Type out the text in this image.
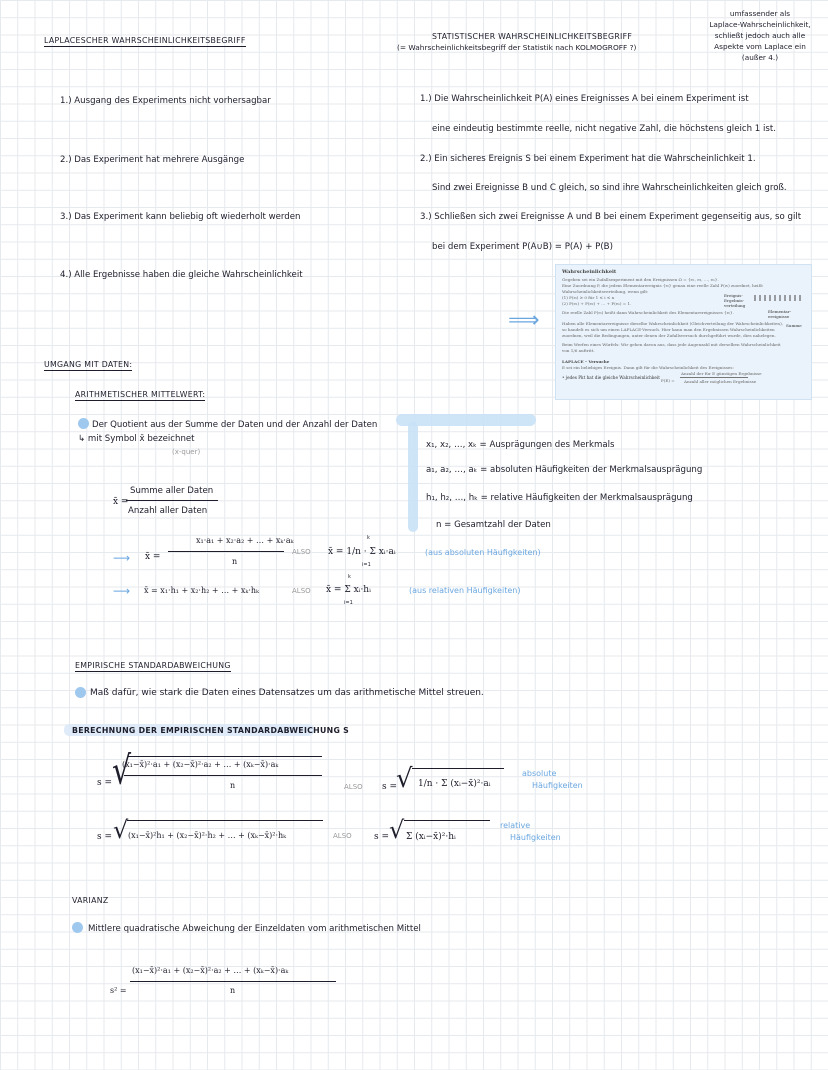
LAPLACESCHER WAHRSCHEINLICHKEITSBEGRIFF
1.) Ausgang des Experiments nicht vorhersagbar
2.) Das Experiment hat mehrere Ausgänge
3.) Das Experiment kann beliebig oft wiederholt werden
4.) Alle Ergebnisse haben die gleiche Wahrscheinlichkeit
STATISTISCHER WAHRSCHEINLICHKEITSBEGRIFF
(= Wahrscheinlichkeitsbegriff der Statistik nach KOLMOGROFF ?)
umfassender als
Laplace-Wahrscheinlichkeit,
schließt jedoch auch alle
Aspekte vom Laplace ein
(außer 4.)
1.) Die Wahrscheinlichkeit P(A) eines Ereignisses A bei einem Experiment ist
eine eindeutig bestimmte reelle, nicht negative Zahl, die höchstens gleich 1 ist.
2.) Ein sicheres Ereignis S bei einem Experiment hat die Wahrscheinlichkeit 1.
Sind zwei Ereignisse B und C gleich, so sind ihre Wahrscheinlichkeiten gleich groß.
3.) Schließen sich zwei Ereignisse A und B bei einem Experiment gegenseitig aus, so gilt
bei dem Experiment P(A∪B) = P(A) + P(B)
⟹
Wahrscheinlichkeit
Gegeben sei ein Zufallsexperiment mit den Ereignissen Ω = {e₁, e₂, …, eₙ}.
Eine Zuordnung P, die jedem Elementarereignis {eᵢ} genau eine reelle Zahl P(eᵢ) zuordnet, heißt
Wahrscheinlichkeitsverteilung, wenn gilt:
(1) P(eᵢ) ≥ 0 für 1 ≤ i ≤ n
(2) P(e₁) + P(e₂) + … + P(eₙ) = 1.
Die reelle Zahl P(eᵢ) heißt dann Wahrscheinlichkeit des Elementarereignisses {eᵢ}.
Haben alle Elementarereignisse dieselbe Wahrscheinlichkeit (Gleichverteilung der Wahrscheinlichkeiten),
so handelt es sich um einen LAPLACE-Versuch. Hier kann man den Ergebnissen Wahrscheinlichkeiten
zuordnen, weil die Bedingungen, unter denen der Zufallsversuch durchgeführt wurde, dies nahelegen.
Beim Werfen eines Würfels: Wir gehen davon aus, dass jede Augenzahl mit derselben Wahrscheinlichkeit
von 1/6 auftritt.
LAPLACE – Versuche
E sei ein beliebiges Ereignis. Dann gilt für die Wahrscheinlichkeit des Ereignisses:
P(E) =
Anzahl der für E günstigen Ergebnisse
Anzahl aller möglichen Ergebnisse
• jedes Pkt hat die gleiche Wahrscheinlichkeit
Ereignis-
Ergebnis-
verteilung
Elementar-
ereignisse
Summe
UMGANG MIT DATEN:
ARITHMETISCHER MITTELWERT:
Der Quotient aus der Summe der Daten und der Anzahl der Daten
↳ mit Symbol x̄ bezeichnet
(x-quer)
x̄ =
Summe aller Daten
Anzahl aller Daten
⟶ x̄ =
x₁·a₁ + x₂·a₂ + … + xₖ·aₖ
n
ALSO x̄ = 1/n · Σ xᵢ·aᵢ
k
i=1
(aus absoluten Häufigkeiten)
⟶ x̄ = x₁·h₁ + x₂·h₂ + … + xₖ·hₖ	ALSO x̄ = Σ xᵢ·hᵢ
k
i=1
(aus relativen Häufigkeiten)
x₁, x₂, …, xₖ = Ausprägungen des Merkmals
a₁, a₂, …, aₖ = absoluten Häufigkeiten der Merkmalsausprägung
h₁, h₂, …, hₖ = relative Häufigkeiten der Merkmalsausprägung
n = Gesamtzahl der Daten
EMPIRISCHE STANDARDABWEICHUNG
Maß dafür, wie stark die Daten eines Datensatzes um das arithmetische Mittel streuen.
BERECHNUNG DER EMPIRISCHEN STANDARDABWEICHUNG S
s = √
(x₁−x̄)²·a₁ + (x₂−x̄)²·a₂ + … + (xₖ−x̄)·aₖ
n	ALSO s =
√ 1/n · Σ (xᵢ−x̄)²·aᵢ
absolute
Häufigkeiten
s = √ (x₁−x̄)²h₁ + (x₂−x̄)²·h₂ + … + (xₖ−x̄)²·hₖ	ALSO s = √ Σ (xᵢ−x̄)²·hᵢ
relative
Häufigkeiten
VARIANZ
Mittlere quadratische Abweichung der Einzeldaten vom arithmetischen Mittel
s² =
(x₁−x̄)²·a₁ + (x₂−x̄)²·a₂ + … + (xₖ−x̄)·aₖ
n
